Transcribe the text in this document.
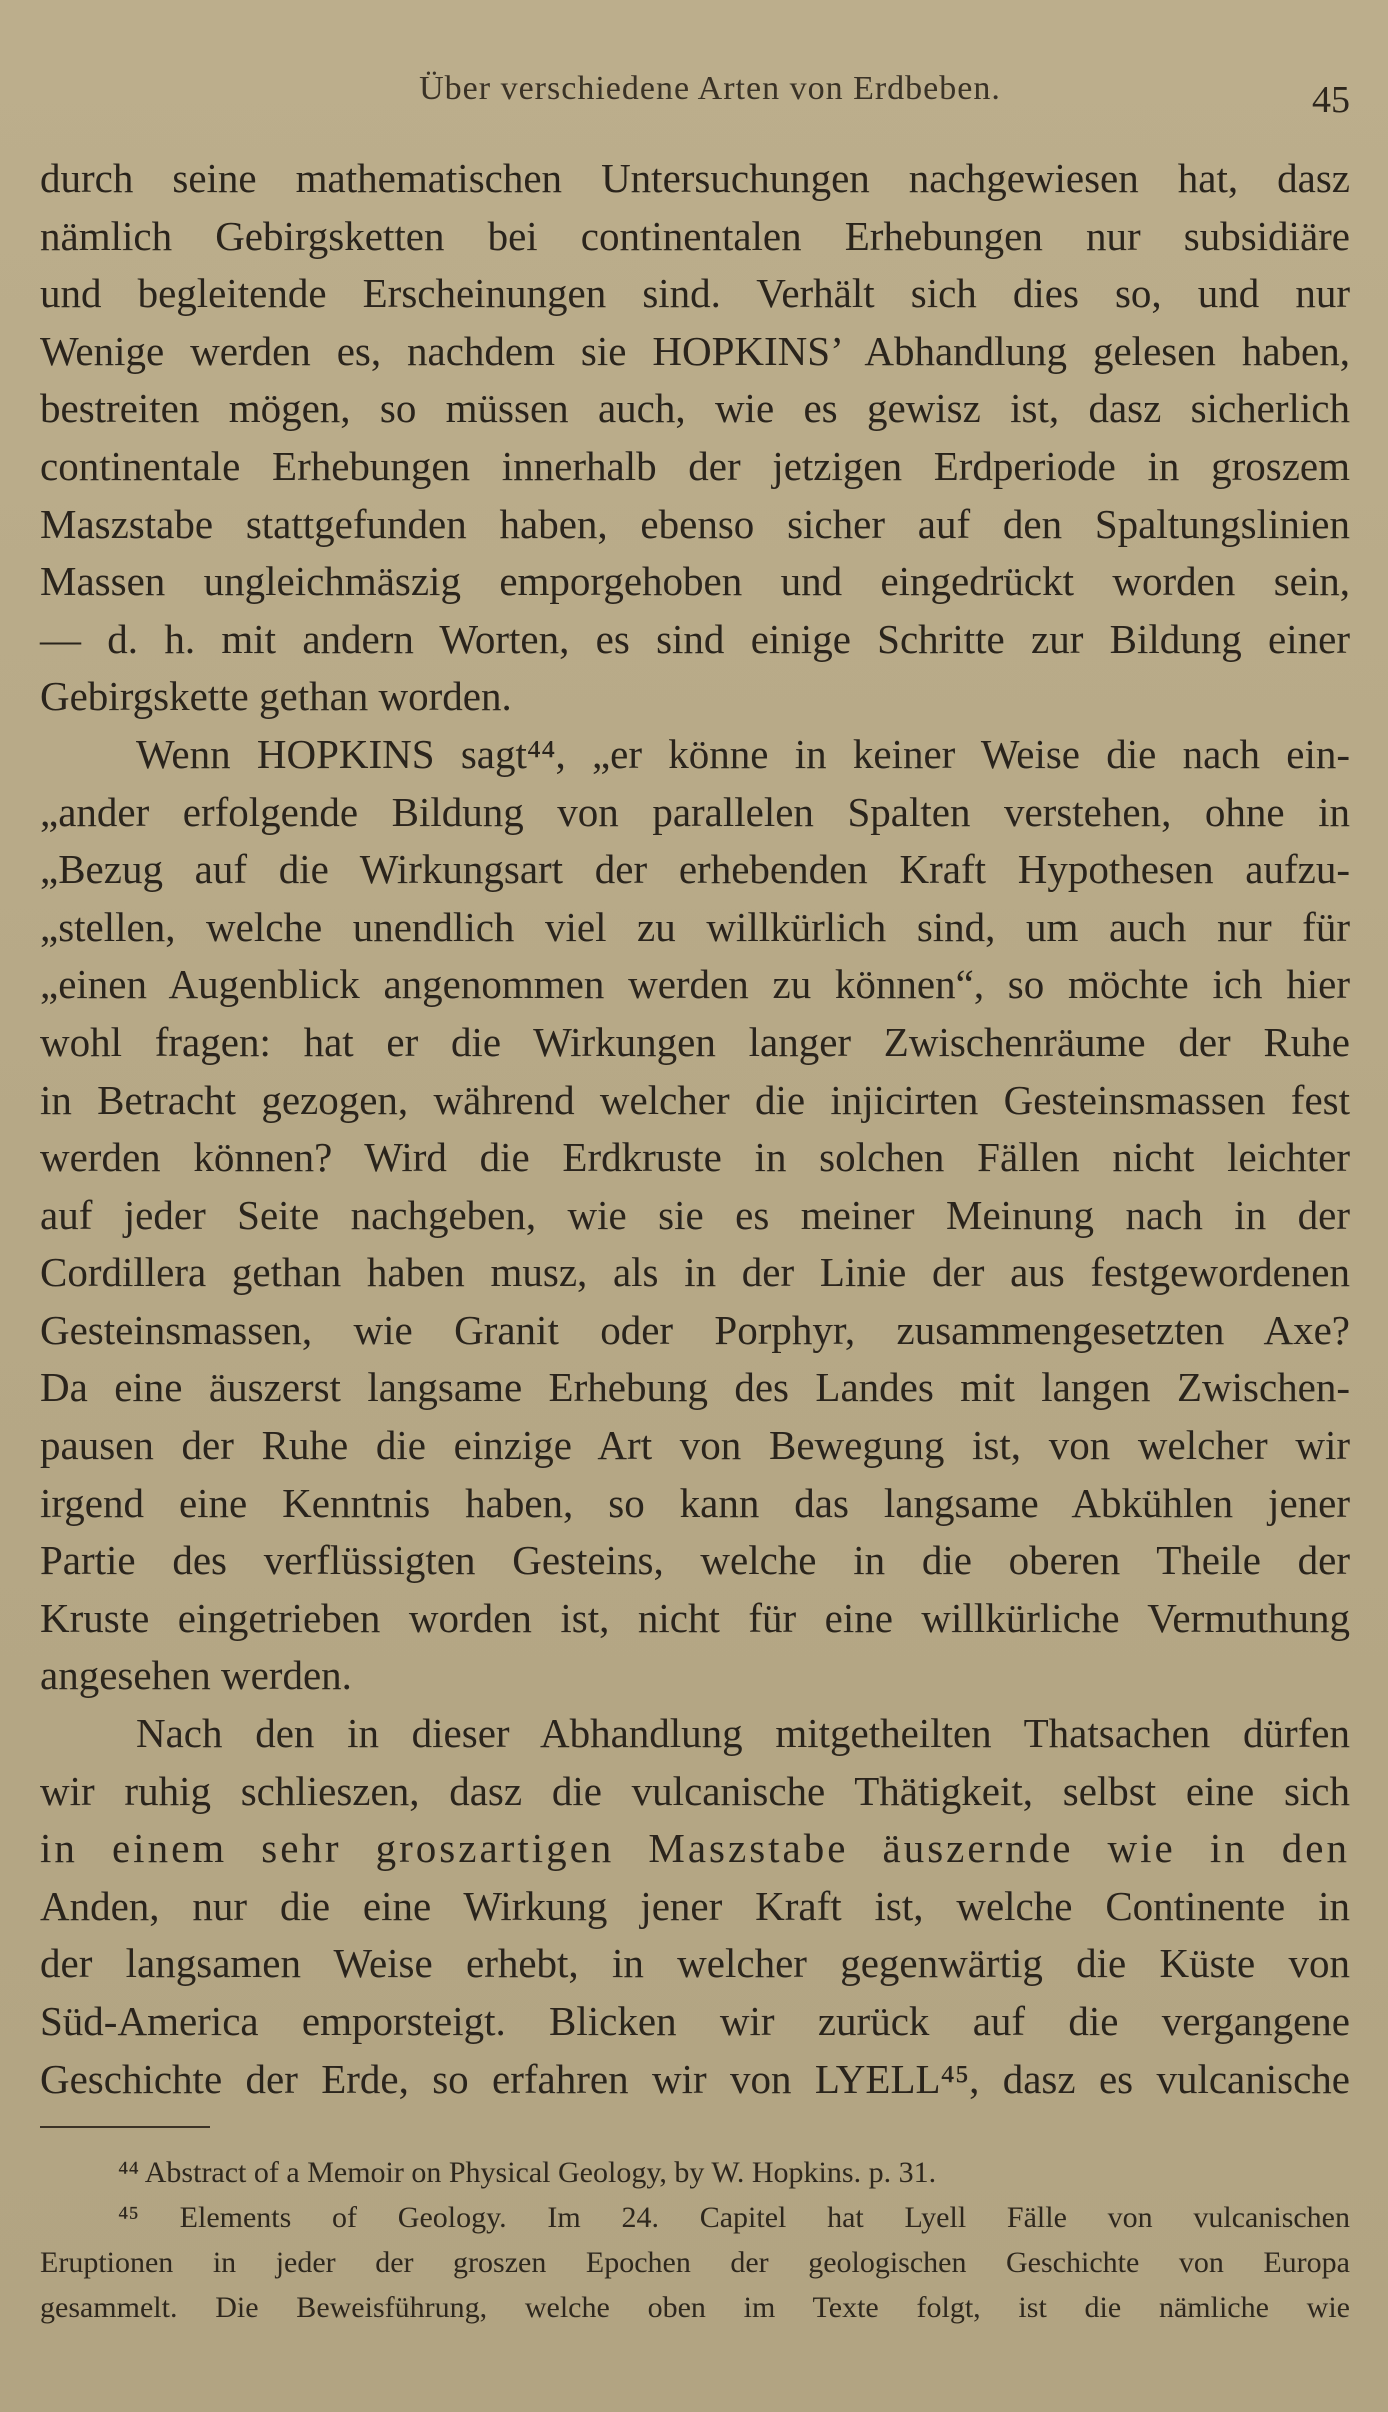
Über verschiedene Arten von Erdbeben.	45
durch seine mathematischen Untersuchungen nachgewiesen hat, dasz
nämlich Gebirgsketten bei continentalen Erhebungen nur subsidiäre
und begleitende Erscheinungen sind. Verhält sich dies so, und nur
Wenige werden es, nachdem sie HOPKINS’ Abhandlung gelesen haben,
bestreiten mögen, so müssen auch, wie es gewisz ist, dasz sicherlich
continentale Erhebungen innerhalb der jetzigen Erdperiode in groszem
Maszstabe stattgefunden haben, ebenso sicher auf den Spaltungslinien
Massen ungleichmäszig emporgehoben und eingedrückt worden sein,
— d. h. mit andern Worten, es sind einige Schritte zur Bildung einer
Gebirgskette gethan worden.
Wenn HOPKINS sagt⁴⁴, „er könne in keiner Weise die nach ein-
„ander erfolgende Bildung von parallelen Spalten verstehen, ohne in
„Bezug auf die Wirkungsart der erhebenden Kraft Hypothesen aufzu-
„stellen, welche unendlich viel zu willkürlich sind, um auch nur für
„einen Augenblick angenommen werden zu können“, so möchte ich hier
wohl fragen: hat er die Wirkungen langer Zwischenräume der Ruhe
in Betracht gezogen, während welcher die injicirten Gesteinsmassen fest
werden können? Wird die Erdkruste in solchen Fällen nicht leichter
auf jeder Seite nachgeben, wie sie es meiner Meinung nach in der
Cordillera gethan haben musz, als in der Linie der aus festgewordenen
Gesteinsmassen, wie Granit oder Porphyr, zusammengesetzten Axe?
Da eine äuszerst langsame Erhebung des Landes mit langen Zwischen-
pausen der Ruhe die einzige Art von Bewegung ist, von welcher wir
irgend eine Kenntnis haben, so kann das langsame Abkühlen jener
Partie des verflüssigten Gesteins, welche in die oberen Theile der
Kruste eingetrieben worden ist, nicht für eine willkürliche Vermuthung
angesehen werden.
Nach den in dieser Abhandlung mitgetheilten Thatsachen dürfen
wir ruhig schlieszen, dasz die vulcanische Thätigkeit, selbst eine sich
in einem sehr groszartigen Maszstabe äuszernde wie in den
Anden, nur die eine Wirkung jener Kraft ist, welche Continente in
der langsamen Weise erhebt, in welcher gegenwärtig die Küste von
Süd-America emporsteigt. Blicken wir zurück auf die vergangene
Geschichte der Erde, so erfahren wir von LYELL⁴⁵, dasz es vulcanische
⁴⁴ Abstract of a Memoir on Physical Geology, by W. Hopkins. p. 31.
⁴⁵ Elements of Geology. Im 24. Capitel hat Lyell Fälle von vulcanischen
Eruptionen in jeder der groszen Epochen der geologischen Geschichte von Europa
gesammelt. Die Beweisführung, welche oben im Texte folgt, ist die nämliche wie
